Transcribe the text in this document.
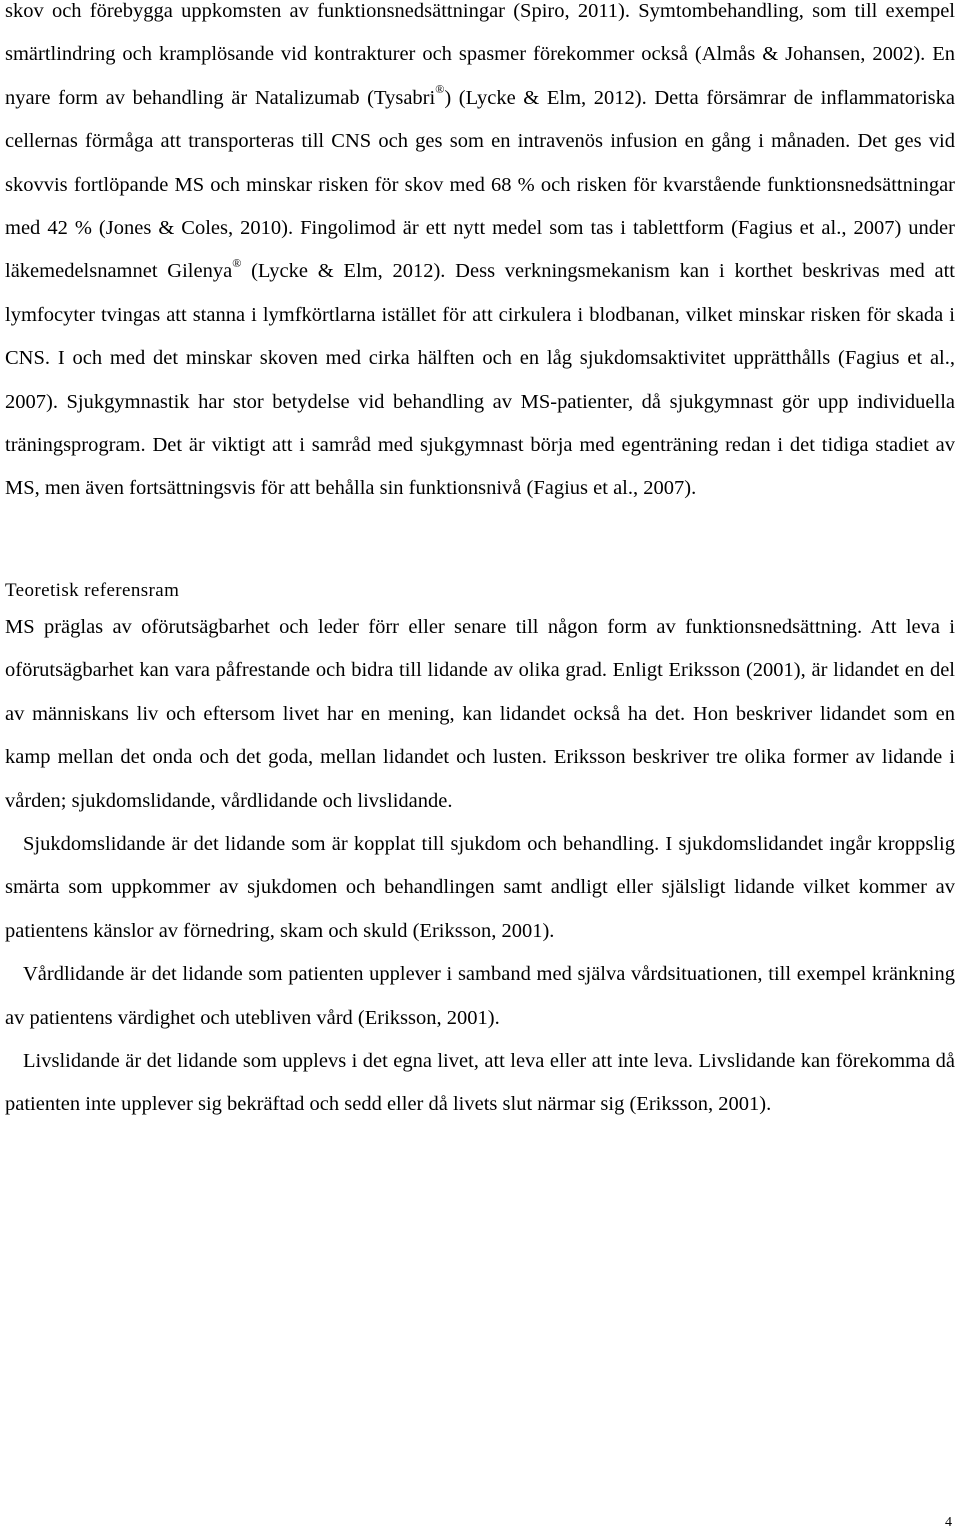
skov och förebygga uppkomsten av funktionsnedsättningar (Spiro, 2011). Symtombehandling, som till exempel smärtlindring och kramplösande vid kontrakturer och spasmer förekommer också (Almås & Johansen, 2002). En nyare form av behandling är Natalizumab (Tysabri®) (Lycke & Elm, 2012). Detta försämrar de inflammatoriska cellernas förmåga att transporteras till CNS och ges som en intravenös infusion en gång i månaden. Det ges vid skovvis fortlöpande MS och minskar risken för skov med 68 % och risken för kvarstående funktionsnedsättningar med 42 % (Jones & Coles, 2010). Fingolimod är ett nytt medel som tas i tablettform (Fagius et al., 2007) under läkemedelsnamnet Gilenya® (Lycke & Elm, 2012). Dess verkningsmekanism kan i korthet beskrivas med att lymfocyter tvingas att stanna i lymfkörtlarna istället för att cirkulera i blodbanan, vilket minskar risken för skada i CNS. I och med det minskar skoven med cirka hälften och en låg sjukdomsaktivitet upprätthålls (Fagius et al., 2007). Sjukgymnastik har stor betydelse vid behandling av MS-patienter, då sjukgymnast gör upp individuella träningsprogram. Det är viktigt att i samråd med sjukgymnast börja med egenträning redan i det tidiga stadiet av MS, men även fortsättningsvis för att behålla sin funktionsnivå (Fagius et al., 2007).

Teoretisk referensram

MS präglas av oförutsägbarhet och leder förr eller senare till någon form av funktionsnedsättning. Att leva i oförutsägbarhet kan vara påfrestande och bidra till lidande av olika grad. Enligt Eriksson (2001), är lidandet en del av människans liv och eftersom livet har en mening, kan lidandet också ha det. Hon beskriver lidandet som en kamp mellan det onda och det goda, mellan lidandet och lusten. Eriksson beskriver tre olika former av lidande i vården; sjukdomslidande, vårdlidande och livslidande.

Sjukdomslidande är det lidande som är kopplat till sjukdom och behandling. I sjukdomslidandet ingår kroppslig smärta som uppkommer av sjukdomen och behandlingen samt andligt eller själsligt lidande vilket kommer av patientens känslor av förnedring, skam och skuld (Eriksson, 2001).

Vårdlidande är det lidande som patienten upplever i samband med själva vårdsituationen, till exempel kränkning av patientens värdighet och utebliven vård (Eriksson, 2001).

Livslidande är det lidande som upplevs i det egna livet, att leva eller att inte leva. Livslidande kan förekomma då patienten inte upplever sig bekräftad och sedd eller då livets slut närmar sig (Eriksson, 2001).

4
